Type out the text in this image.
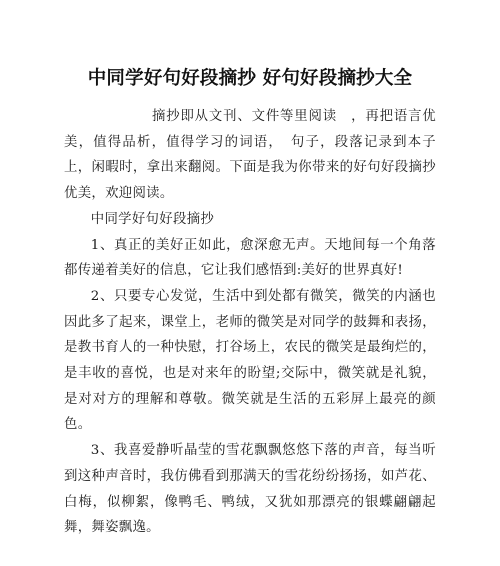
中同学好句好段摘抄 好句好段摘抄大全

摘抄即从文刊、文件等里阅读　，再把语言优美，值得品析，值得学习的词语，　句子，段落记录到本子上，闲暇时，拿出来翻阅。下面是我为你带来的好句好段摘抄优美，欢迎阅读。

中同学好句好段摘抄

1、真正的美好正如此，愈深愈无声。天地间每一个角落都传递着美好的信息，它让我们感悟到:美好的世界真好!

2、只要专心发觉，生活中到处都有微笑，微笑的内涵也因此多了起来，课堂上，老师的微笑是对同学的鼓舞和表扬，是教书育人的一种快慰，打谷场上，农民的微笑是最绚烂的，是丰收的喜悦，也是对来年的盼望;交际中，微笑就是礼貌，是对对方的理解和尊敬。微笑就是生活的五彩屏上最亮的颜色。

3、我喜爱静听晶莹的雪花飘飘悠悠下落的声音，每当听到这种声音时，我仿佛看到那满天的雪花纷纷扬扬，如芦花、白梅，似柳絮，像鸭毛、鸭绒，又犹如那漂亮的银蝶翩翩起舞，舞姿飘逸。
